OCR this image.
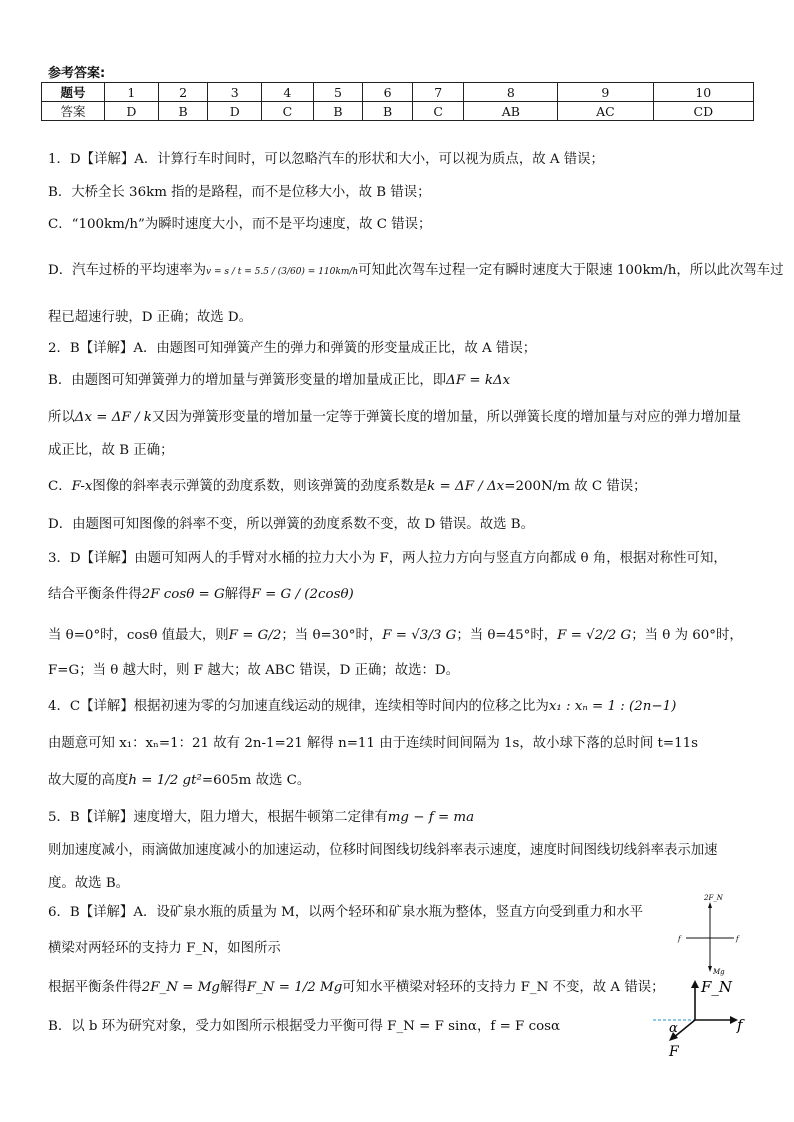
参考答案:
题号	1	2	3	4	5	6	7	8	9	10
答案	D	B	D	C	B	B	C	AB	AC	CD
1．D【详解】A．计算行车时间时，可以忽略汽车的形状和大小，可以视为质点，故 A 错误；
B．大桥全长 36km 指的是路程，而不是位移大小，故 B 错误；
C．“100km/h”为瞬时速度大小，而不是平均速度，故 C 错误；
D．汽车过桥的平均速率为v = s / t = 5.5 / (3/60) = 110km/h可知此次驾车过程一定有瞬时速度大于限速 100km/h，所以此次驾车过
程已超速行驶，D 正确；故选 D。
2．B【详解】A．由题图可知弹簧产生的弹力和弹簧的形变量成正比，故 A 错误；
B．由题图可知弹簧弹力的增加量与弹簧形变量的增加量成正比，即ΔF = kΔx
所以Δx = ΔF / k又因为弹簧形变量的增加量一定等于弹簧长度的增加量，所以弹簧长度的增加量与对应的弹力增加量
成正比，故 B 正确；
C．F-x图像的斜率表示弹簧的劲度系数，则该弹簧的劲度系数是k = ΔF / Δx=200N/m 故 C 错误；
D．由题图可知图像的斜率不变，所以弹簧的劲度系数不变，故 D 错误。故选 B。
3．D【详解】由题可知两人的手臂对水桶的拉力大小为 F，两人拉力方向与竖直方向都成 θ 角，根据对称性可知，
结合平衡条件得2F cosθ = G解得F = G / (2cosθ)
当 θ=0°时，cosθ 值最大，则F = G/2；当 θ=30°时，F = √3/3 G；当 θ=45°时，F = √2/2 G；当 θ 为 60°时，
F=G；当 θ 越大时，则 F 越大；故 ABC 错误，D 正确；故选：D。
4．C【详解】根据初速为零的匀加速直线运动的规律，连续相等时间内的位移之比为x₁ : xₙ = 1 : (2n−1)
由题意可知 x₁：xₙ=1：21 故有 2n-1=21 解得 n=11 由于连续时间间隔为 1s，故小球下落的总时间 t=11s
故大厦的高度h = 1/2 gt²=605m 故选 C。
5．B【详解】速度增大，阻力增大，根据牛顿第二定律有mg − f = ma
则加速度减小，雨滴做加速度减小的加速运动，位移时间图线切线斜率表示速度，速度时间图线切线斜率表示加速
度。故选 B。
6．B【详解】A．设矿泉水瓶的质量为 M，以两个轻环和矿泉水瓶为整体，竖直方向受到重力和水平
横梁对两轻环的支持力 F_N，如图所示
根据平衡条件得2F_N = Mg解得F_N = 1/2 Mg可知水平横梁对轻环的支持力 F_N 不变，故 A 错误；
B．以 b 环为研究对象，受力如图所示根据受力平衡可得 F_N = F sinα，f = F cosα
2F_N
f	f
Mg
F_N
f
α
F
